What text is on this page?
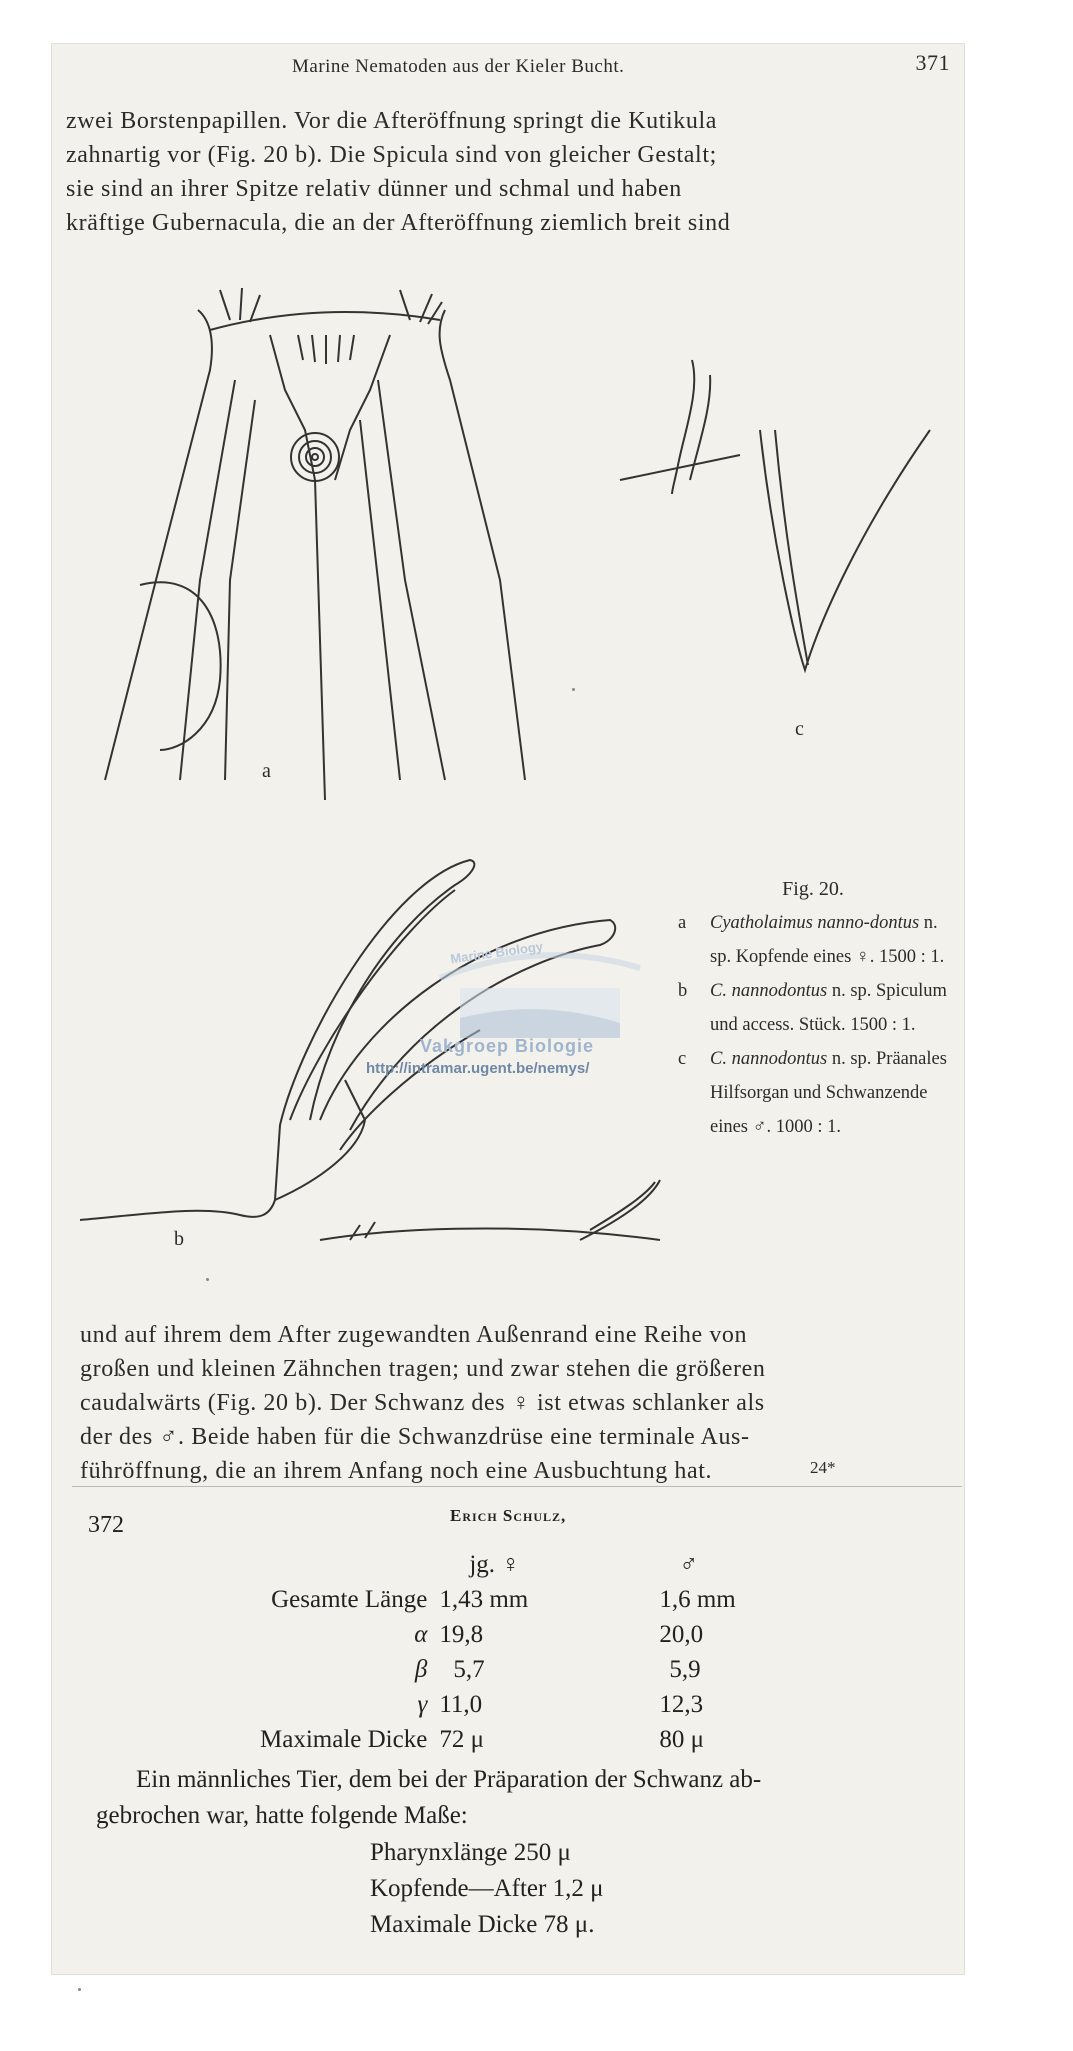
Marine Nematoden aus der Kieler Bucht.	371
zwei Borstenpapillen. Vor die Afteröffnung springt die Kutikula
zahnartig vor (Fig. 20 b). Die Spicula sind von gleicher Gestalt;
sie sind an ihrer Spitze relativ dünner und schmal und haben
kräftige Gubernacula, die an der Afteröffnung ziemlich breit sind
a
c
b
Marine Biology
Vakgroep Biologie
http://intramar.ugent.be/nemys/
Fig. 20.
a Cyatholaimus nanno-dontus n. sp. Kopfende eines ♀. 1500 : 1.
b C. nannodontus n. sp. Spiculum und access. Stück. 1500 : 1.
c C. nannodontus n. sp. Präanales Hilfsorgan und Schwanzende eines ♂. 1000 : 1.
und auf ihrem dem After zugewandten Außenrand eine Reihe von
großen und kleinen Zähnchen tragen; und zwar stehen die größeren
caudalwärts (Fig. 20 b). Der Schwanz des ♀ ist etwas schlanker als
der des ♂. Beide haben für die Schwanzdrüse eine terminale Aus-
führöffnung, die an ihrem Anfang noch eine Ausbuchtung hat.	24*
372	Erich Schulz,
	jg. ♀	♂
Gesamte Länge	1,43 mm	1,6 mm
α	19,8	20,0
β	5,7	5,9
γ	11,0	12,3
Maximale Dicke	72 μ	80 μ
Ein männliches Tier, dem bei der Präparation der Schwanz ab-
gebrochen war, hatte folgende Maße:
Pharynxlänge 250 μ
Kopfende—After 1,2 μ
Maximale Dicke 78 μ.
